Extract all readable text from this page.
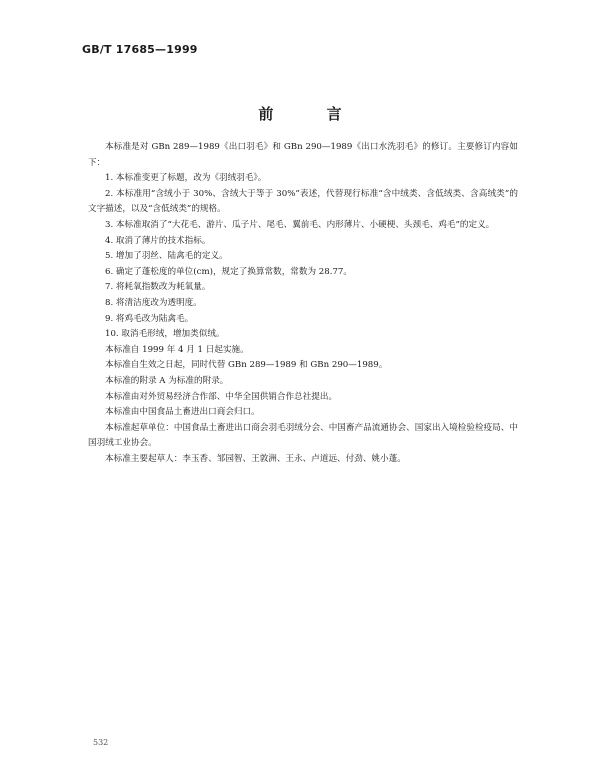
GB/T 17685—1999
前 言

本标准是对 GBn 289—1989《出口羽毛》和 GBn 290—1989《出口水洗羽毛》的修订。主要修订内容如下：

1. 本标准变更了标题，改为《羽绒羽毛》。

2. 本标准用“含绒小于 30%、含绒大于等于 30%”表述，代替现行标准“含中绒类、含低绒类、含高绒类”的文字描述，以及“含低绒类”的规格。

3. 本标准取消了“大花毛、游片、瓜子片、尾毛、翼前毛、内形薄片、小硬梗、头颈毛、鸡毛”的定义。

4. 取消了薄片的技术指标。

5. 增加了羽丝、陆禽毛的定义。

6. 确定了蓬松度的单位(cm)，规定了换算常数，常数为 28.77。

7. 将耗氧指数改为耗氧量。

8. 将清洁度改为透明度。

9. 将鸡毛改为陆禽毛。

10. 取消毛形绒，增加类似绒。

本标准自 1999 年 4 月 1 日起实施。

本标准自生效之日起，同时代替 GBn 289—1989 和 GBn 290—1989。

本标准的附录 A 为标准的附录。

本标准由对外贸易经济合作部、中华全国供销合作总社提出。

本标准由中国食品土畜进出口商会归口。

本标准起草单位：中国食品土畜进出口商会羽毛羽绒分会、中国畜产品流通协会、国家出入境检验检疫局、中国羽绒工业协会。

本标准主要起草人：李玉香、邹园智、王敦洲、王永、卢道远、付劲、姚小蓬。

532
